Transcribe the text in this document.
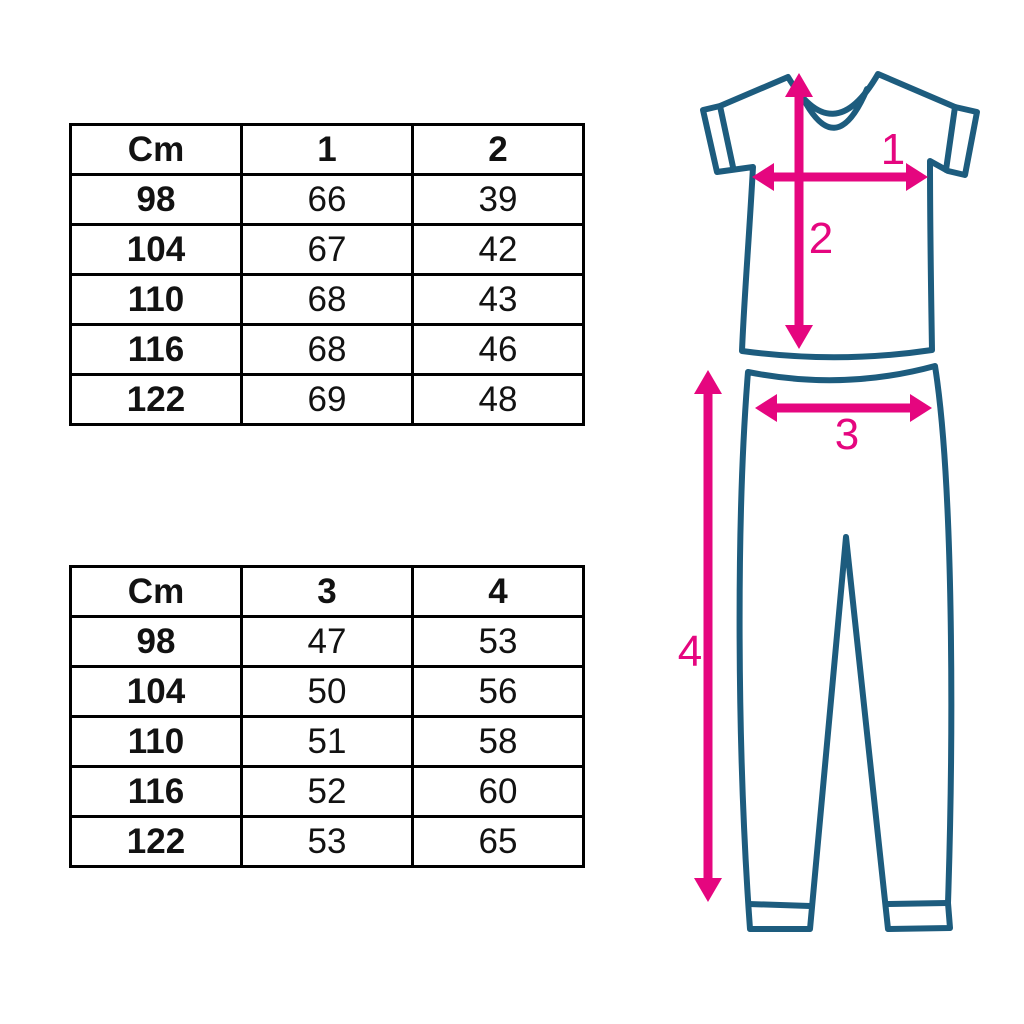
Cm	1	2
98	66	39
104	67	42
110	68	43
116	68	46
122	69	48
Cm	3	4
98	47	53
104	50	56
110	51	58
116	52	60
122	53	65
1
2
3
4
